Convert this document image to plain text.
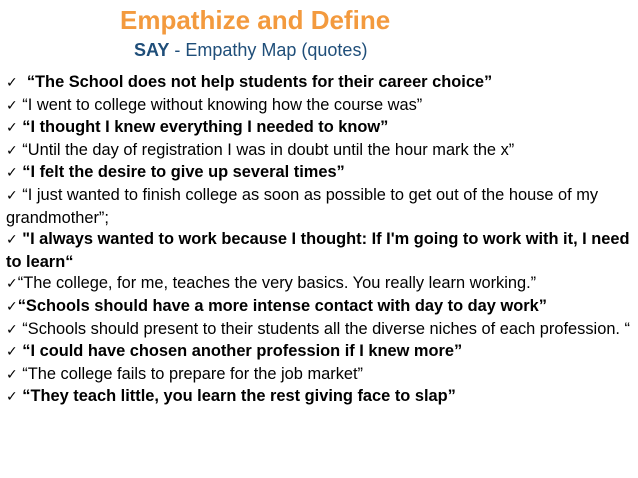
Empathize and Define
SAY - Empathy Map (quotes)
✓ “The School does not help students for their career choice”
✓ “I went to college without knowing how the course was”
✓ “I thought I knew everything I needed to know”
✓ “Until the day of registration I was in doubt until the hour mark the x”
✓ “I felt the desire to give up several times”
✓ “I just wanted to finish college as soon as possible to get out of the house of my grandmother”;
✓ "I always wanted to work because I thought: If I'm going to work with it, I need to learn“
✓“The college, for me, teaches the very basics. You really learn working.”
✓“Schools should have a more intense contact with day to day work”
✓ “Schools should present to their students all the diverse niches of each profession. “
✓ “I could have chosen another profession if I knew more”
✓ “The college fails to prepare for the job market”
✓ “They teach little, you learn the rest giving face to slap”
